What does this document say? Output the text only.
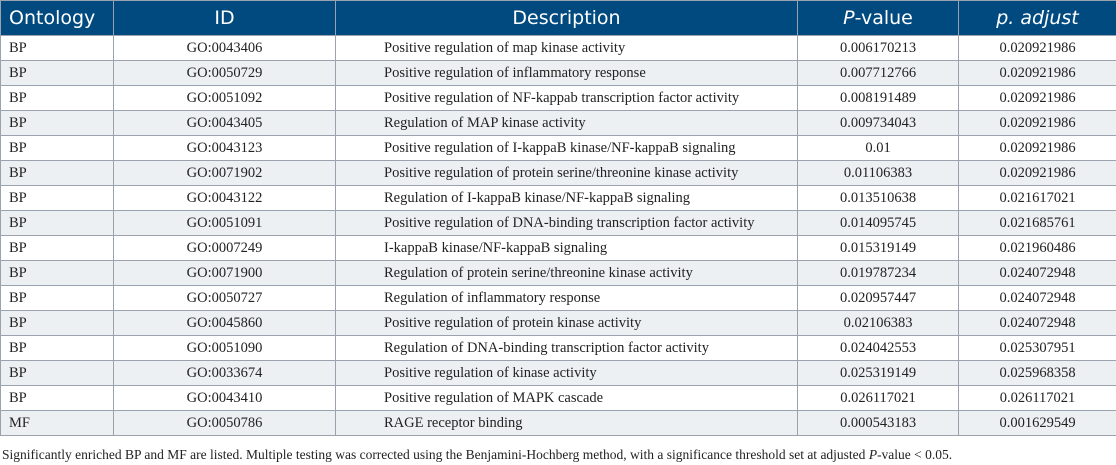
Ontology	ID	Description	P-value	p. adjust
BP	GO:0043406	Positive regulation of map kinase activity	0.006170213	0.020921986
BP	GO:0050729	Positive regulation of inflammatory response	0.007712766	0.020921986
BP	GO:0051092	Positive regulation of NF-kappab transcription factor activity	0.008191489	0.020921986
BP	GO:0043405	Regulation of MAP kinase activity	0.009734043	0.020921986
BP	GO:0043123	Positive regulation of I-kappaB kinase/NF-kappaB signaling	0.01	0.020921986
BP	GO:0071902	Positive regulation of protein serine/threonine kinase activity	0.01106383	0.020921986
BP	GO:0043122	Regulation of I-kappaB kinase/NF-kappaB signaling	0.013510638	0.021617021
BP	GO:0051091	Positive regulation of DNA-binding transcription factor activity	0.014095745	0.021685761
BP	GO:0007249	I-kappaB kinase/NF-kappaB signaling	0.015319149	0.021960486
BP	GO:0071900	Regulation of protein serine/threonine kinase activity	0.019787234	0.024072948
BP	GO:0050727	Regulation of inflammatory response	0.020957447	0.024072948
BP	GO:0045860	Positive regulation of protein kinase activity	0.02106383	0.024072948
BP	GO:0051090	Regulation of DNA-binding transcription factor activity	0.024042553	0.025307951
BP	GO:0033674	Positive regulation of kinase activity	0.025319149	0.025968358
BP	GO:0043410	Positive regulation of MAPK cascade	0.026117021	0.026117021
MF	GO:0050786	RAGE receptor binding	0.000543183	0.001629549
Significantly enriched BP and MF are listed. Multiple testing was corrected using the Benjamini-Hochberg method, with a significance threshold set at adjusted P-value < 0.05.
